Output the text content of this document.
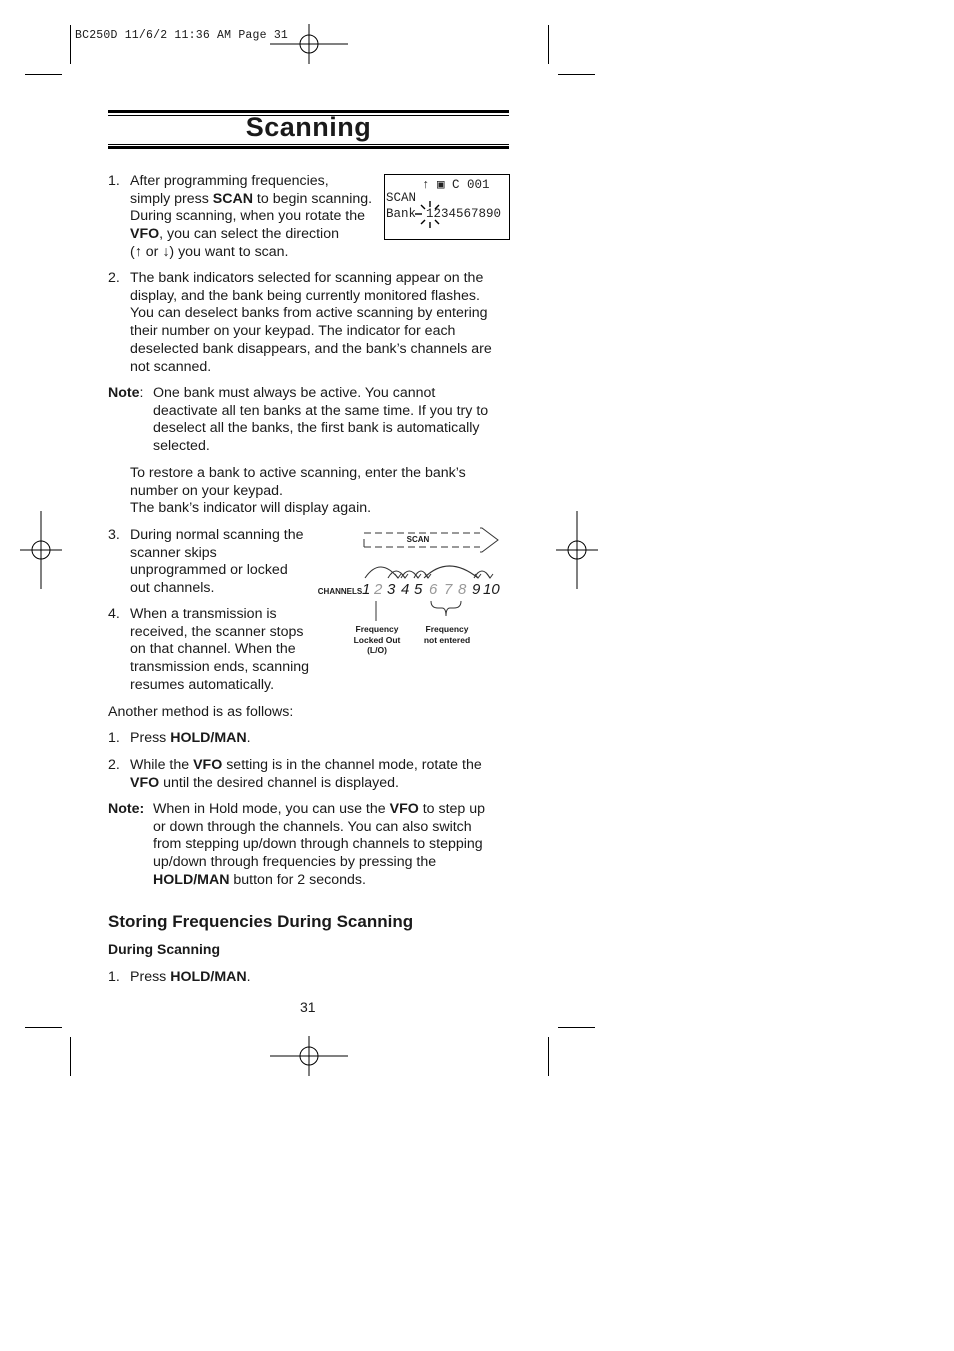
BC250D 11/6/2 11:36 AM Page 31
Scanning
1. After programming frequencies,
simply press SCAN to begin scanning.
During scanning, when you rotate the
VFO, you can select the direction
(↑ or ↓) you want to scan.
↑ ▣ C 001
SCAN
Bank 1234567890
2. The bank indicators selected for scanning appear on the
display, and the bank being currently monitored flashes.
You can deselect banks from active scanning by entering
their number on your keypad. The indicator for each
deselected bank disappears, and the bank’s channels are
not scanned.
Note: One bank must always be active. You cannot
deactivate all ten banks at the same time. If you try to
deselect all the banks, the first bank is automatically
selected.
To restore a bank to active scanning, enter the bank’s
number on your keypad.
The bank’s indicator will display again.
3. During normal scanning the
scanner skips
unprogrammed or locked
out channels.
4. When a transmission is
received, the scanner stops
on that channel. When the
transmission ends, scanning
resumes automatically.
SCAN
CHANNELS 1 2 3 4 5 6 7 8 9 10
Frequency
Locked Out
(L/O)
Frequency
not entered
Another method is as follows:
1. Press HOLD/MAN.
2. While the VFO setting is in the channel mode, rotate the
VFO until the desired channel is displayed.
Note: When in Hold mode, you can use the VFO to step up
or down through the channels. You can also switch
from stepping up/down through channels to stepping
up/down through frequencies by pressing the
HOLD/MAN button for 2 seconds.
Storing Frequencies During Scanning
During Scanning
1. Press HOLD/MAN.
31
